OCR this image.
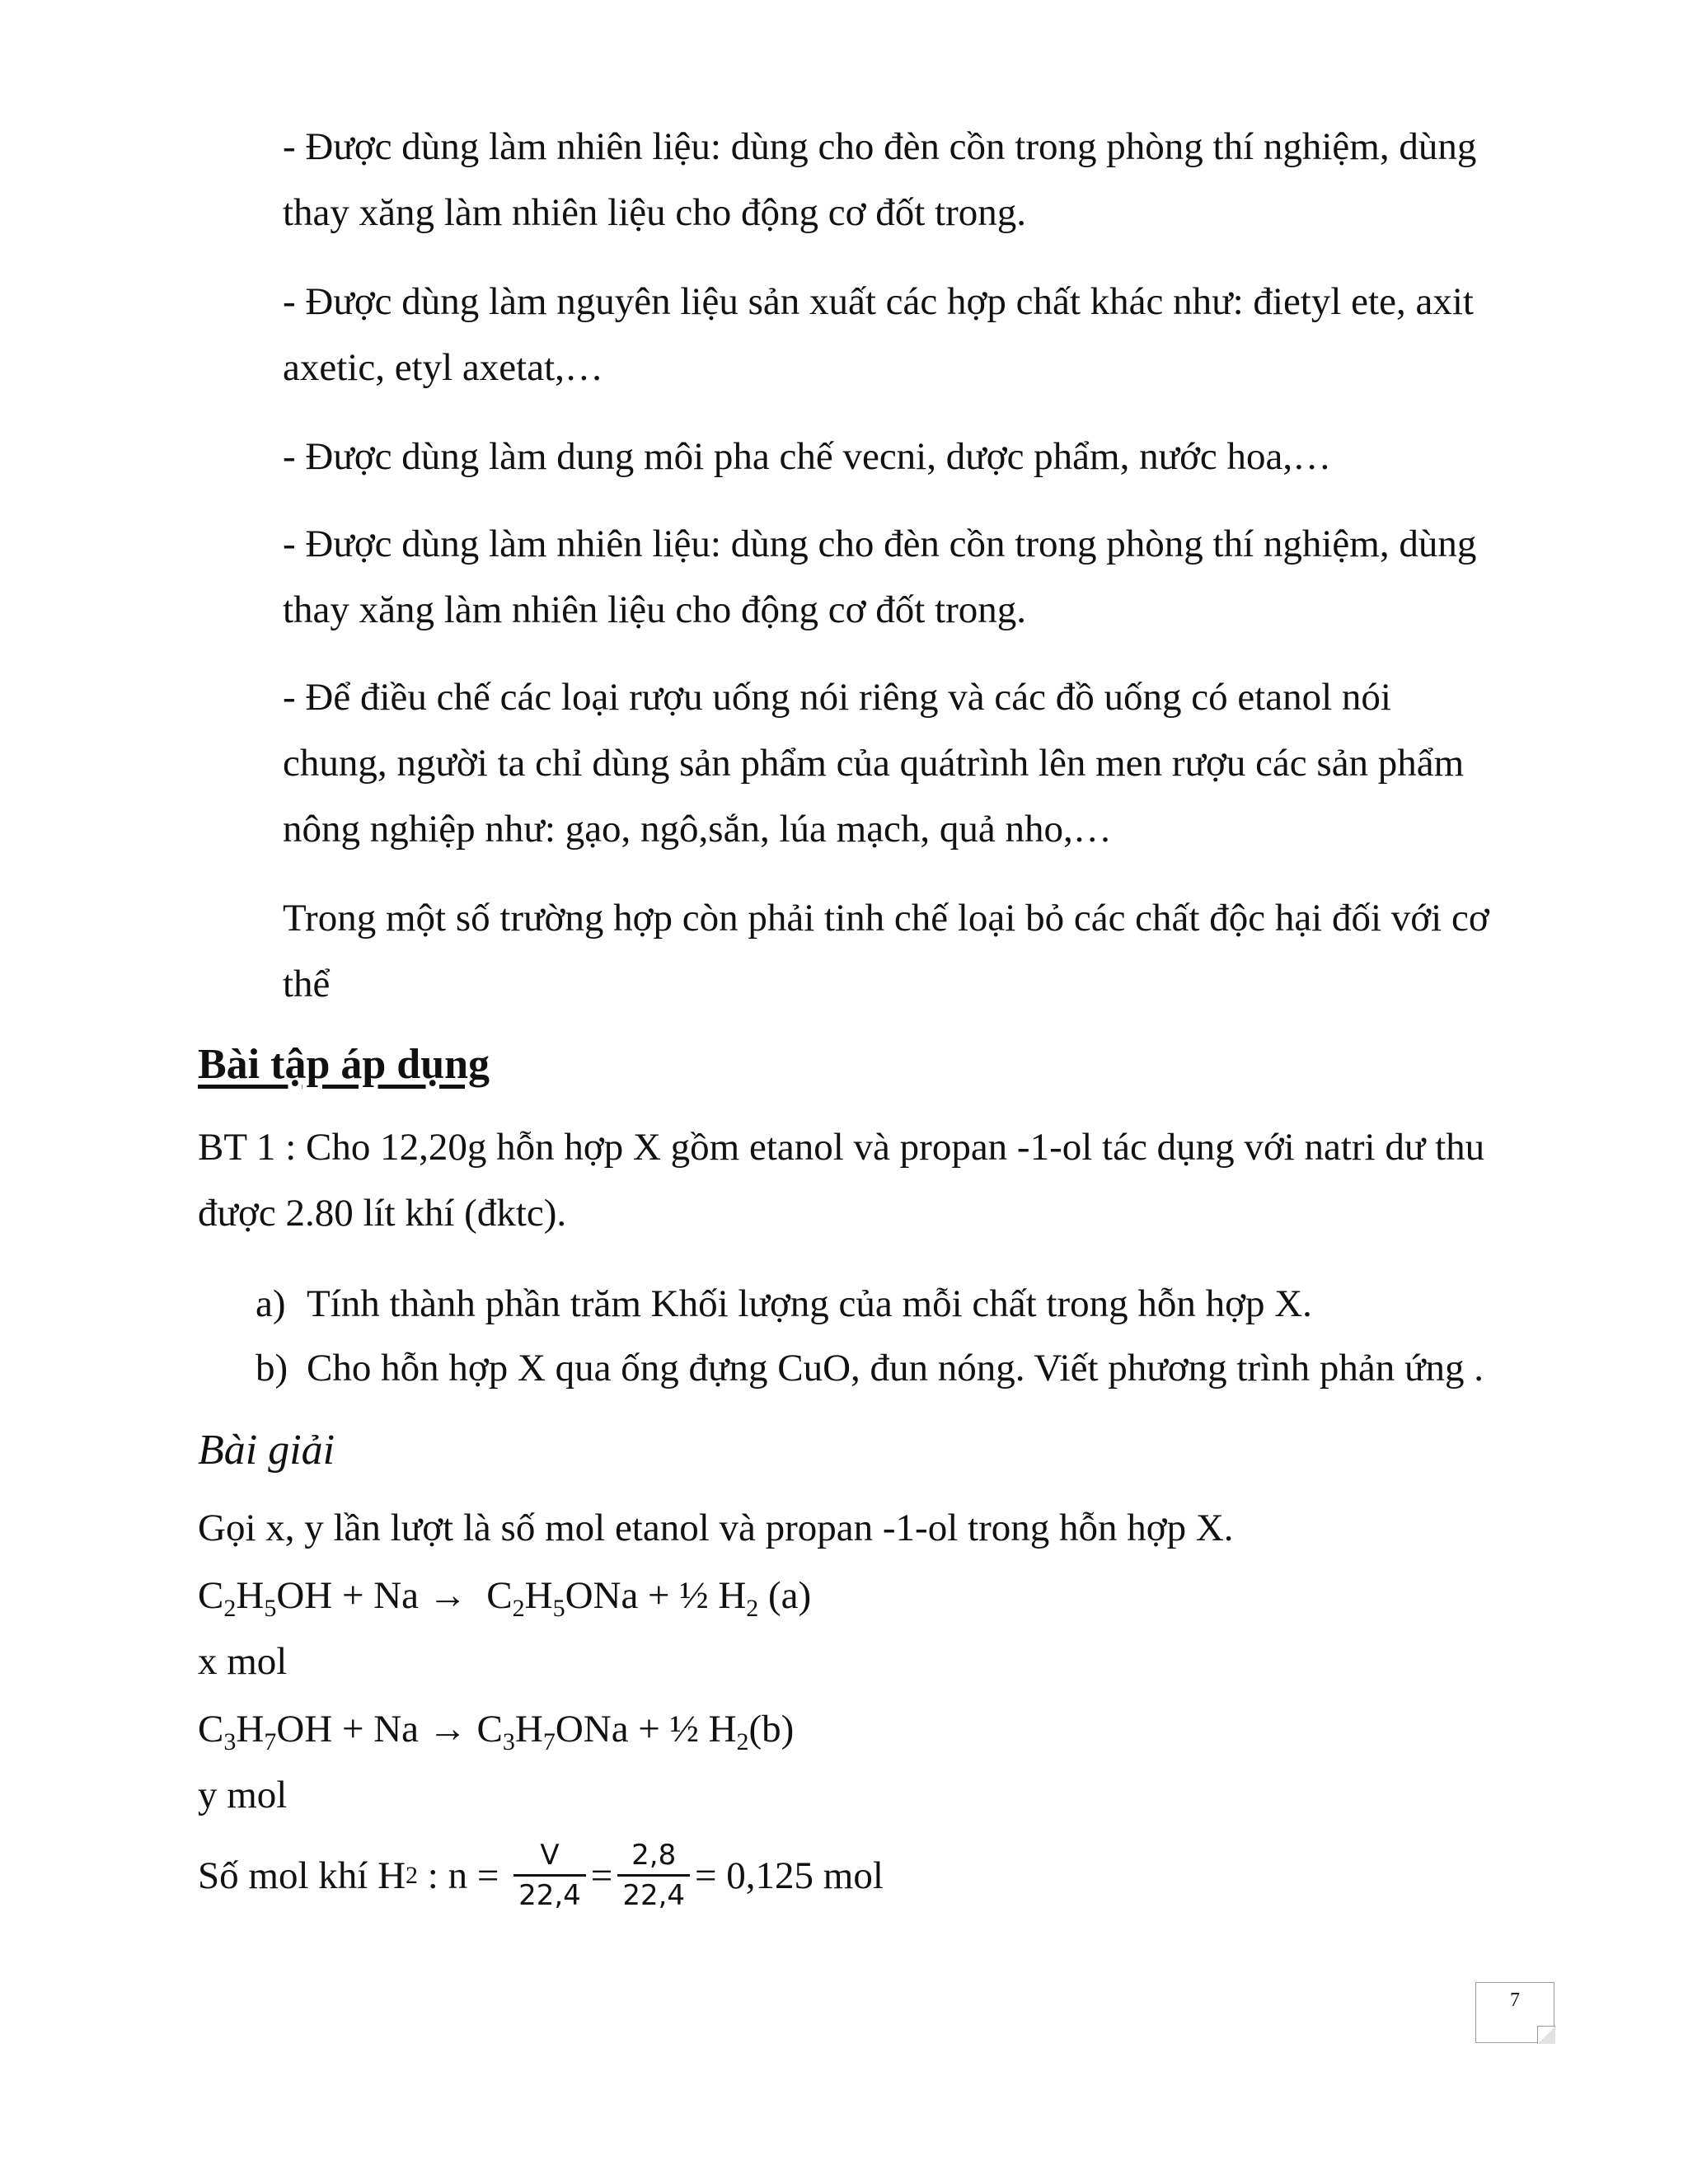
- Được dùng làm nhiên liệu: dùng cho đèn cồn trong phòng thí nghiệm, dùng
thay xăng làm nhiên liệu cho động cơ đốt trong.
- Được dùng làm nguyên liệu sản xuất các hợp chất khác như: đietyl ete, axit
axetic, etyl axetat,…
- Được dùng làm dung môi pha chế vecni, dược phẩm, nước hoa,…
- Được dùng làm nhiên liệu: dùng cho đèn cồn trong phòng thí nghiệm, dùng
thay xăng làm nhiên liệu cho động cơ đốt trong.
- Để điều chế các loại rượu uống nói riêng và các đồ uống có etanol nói
chung, người ta chỉ dùng sản phẩm của quátrình lên men rượu các sản phẩm
nông nghiệp như: gạo, ngô,sắn, lúa mạch, quả nho,…
Trong một số trường hợp còn phải tinh chế loại bỏ các chất độc hại đối với cơ
thể
Bài tập áp dụng
BT 1 : Cho 12,20g hỗn hợp X gồm etanol và propan -1-ol tác dụng với natri dư thu
được 2.80 lít khí (đktc).
a) Tính thành phần trăm Khối lượng của mỗi chất trong hỗn hợp X.
b) Cho hỗn hợp X qua ống đựng CuO, đun nóng. Viết phương trình phản ứng .
Bài giải
Gọi x, y lần lượt là số mol etanol và propan -1-ol trong hỗn hợp X.
$C_2H_5OH + Na \to C_2H_5ONa$ + ½ $H_2$ (a)
x mol
$C_3H_7OH + Na \to C_3H_7ONa$ + ½ $H_2(b)$
y mol
Số mol khí H 2 : $n = \frac{V}{22,4} = \frac{2,8}{22,4} = 0,125$ mol
7
